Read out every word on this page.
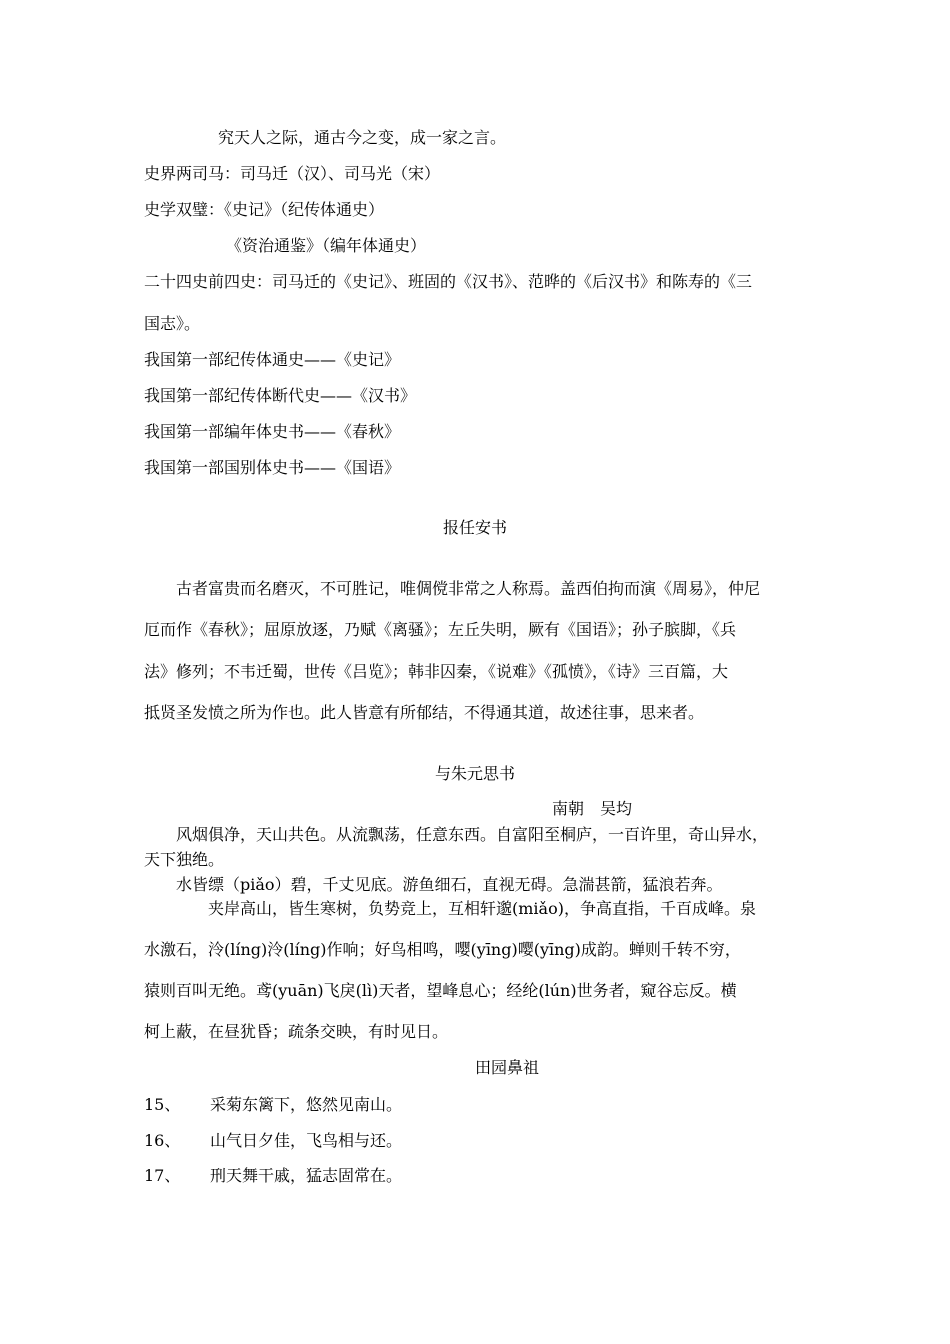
究天人之际，通古今之变，成一家之言。
史界两司马：司马迁（汉）、司马光（宋）
史学双璧：《史记》（纪传体通史）
《资治通鉴》（编年体通史）
二十四史前四史：司马迁的《史记》、班固的《汉书》、范晔的《后汉书》和陈寿的《三
国志》。
我国第一部纪传体通史——《史记》
我国第一部纪传体断代史——《汉书》
我国第一部编年体史书——《春秋》
我国第一部国别体史书——《国语》
报任安书
古者富贵而名磨灭，不可胜记，唯倜傥非常之人称焉。盖西伯拘而演《周易》，仲尼
厄而作《春秋》；屈原放逐，乃赋《离骚》；左丘失明，厥有《国语》；孙子膑脚，《兵
法》修列；不韦迁蜀，世传《吕览》；韩非囚秦，《说难》《孤愤》，《诗》三百篇，大
抵贤圣发愤之所为作也。此人皆意有所郁结，不得通其道，故述往事，思来者。
与朱元思书
南朝　吴均
风烟俱净，天山共色。从流飘荡，任意东西。自富阳至桐庐，一百许里，奇山异水，
天下独绝。
水皆缥（piǎo）碧，千丈见底。游鱼细石，直视无碍。急湍甚箭，猛浪若奔。
夹岸高山，皆生寒树，负势竞上，互相轩邈(miǎo)，争高直指，千百成峰。泉
水激石，泠(líng)泠(líng)作响；好鸟相鸣，嘤(yīng)嘤(yīng)成韵。蝉则千转不穷，
猿则百叫无绝。鸢(yuān)飞戾(lì)天者，望峰息心；经纶(lún)世务者，窥谷忘反。横
柯上蔽，在昼犹昏；疏条交映，有时见日。
田园鼻祖
15、 采菊东篱下，悠然见南山。
16、 山气日夕佳，飞鸟相与还。
17、 刑天舞干戚，猛志固常在。
